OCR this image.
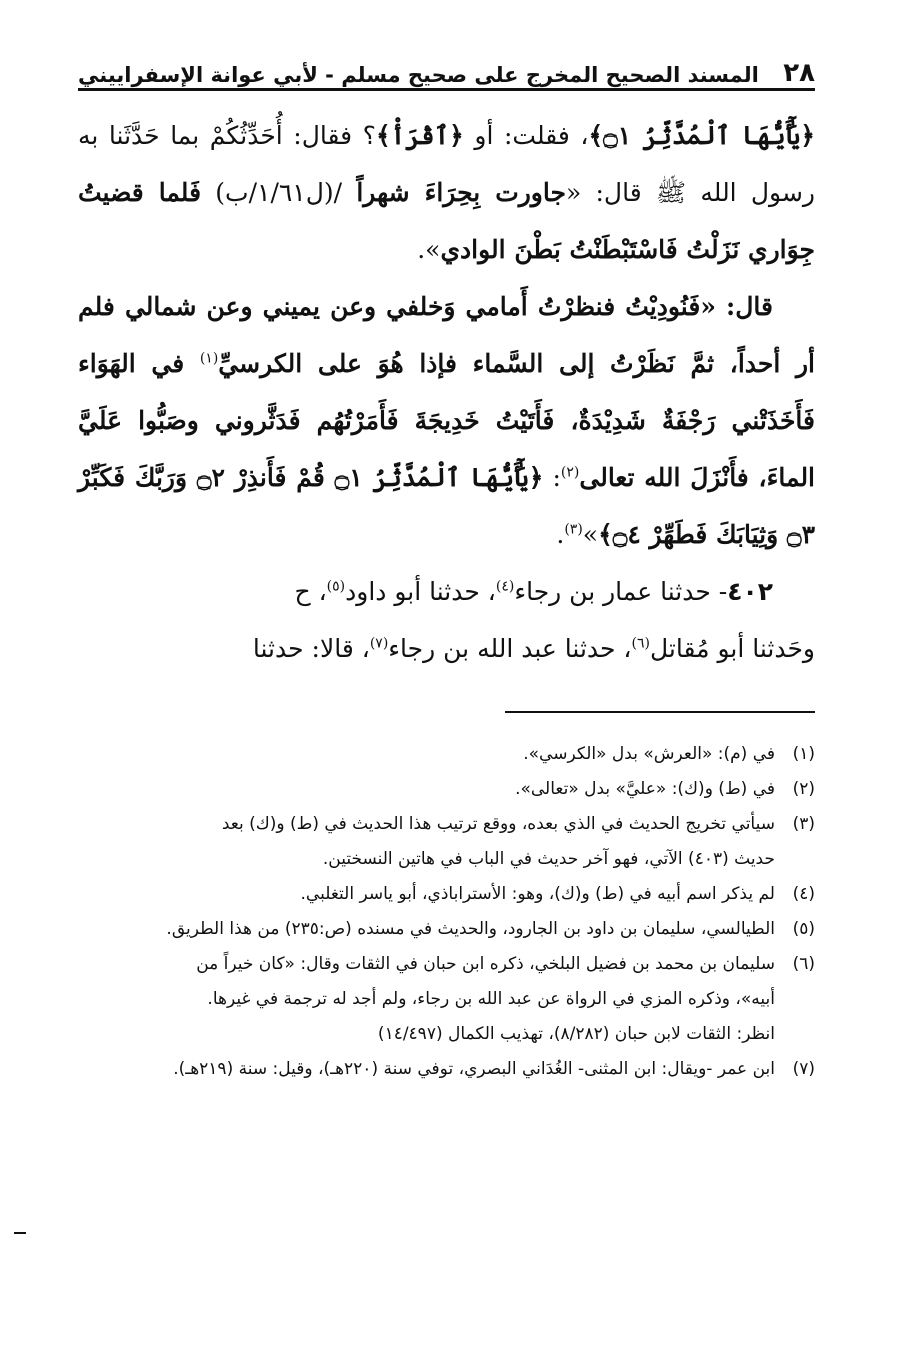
٢٨
المسند الصحيح المخرج على صحيح مسلم - لأبي عوانة الإسفراييني

﴿يَٰٓأَيُّهَا ٱلْمُدَّثِّرُ ۝١﴾، فقلت: أو ﴿ٱقْرَأْ﴾؟ فقال: أُحَدِّثُكُمْ بما حَدَّثَنا به رسول الله ﷺ قال: «جاورت بِحِرَاءَ شهراً /(ل١/٦١/ب) فَلما قضيتُ جِوَاري نَزَلْتُ فَاسْتَبْطَنْتُ بَطْنَ الوادي».

قال: «فَنُودِيْتُ فنظرْتُ أَمامي وَخلفي وعن يميني وعن شمالي فلم أر أحداً، ثمَّ نَظَرْتُ إلى السَّماء فإذا هُوَ على الكرسيِّ$^{(١)}$ في الهَوَاء فَأَخَذَتْني رَجْفَةٌ شَدِيْدَةٌ، فَأَتَيْتُ خَدِيجَةَ فَأَمَرْتُهُم فَدَثَّروني وصَبُّوا عَلَيَّ الماءَ، فأَنْزَلَ الله تعالى$^{(٢)}$: ﴿يَٰٓأَيُّهَا ٱلْمُدَّثِّرُ ۝١ قُمْ فَأَنذِرْ ۝٢ وَرَبَّكَ فَكَبِّرْ ۝٣ وَثِيَابَكَ فَطَهِّرْ ۝٤﴾»$^{(٣)}$.

٤٠٢- حدثنا عمار بن رجاء$^{(٤)}$، حدثنا أبو داود$^{(٥)}$، ح

وحَدثنا أبو مُقاتل$^{(٦)}$، حدثنا عبد الله بن رجاء$^{(٧)}$، قالا: حدثنا

(١)
في (م): «العرش» بدل «الكرسي».
(٢)
في (ط) و(ك): «عليَّ» بدل «تعالى».
(٣)
سيأتي تخريج الحديث في الذي بعده، ووقع ترتيب هذا الحديث في (ط) و(ك) بعد

حديث (٤٠٣) الآتي، فهو آخر حديث في الباب في هاتين النسختين.

(٤)
لم يذكر اسم أبيه في (ط) و(ك)، وهو: الأستراباذي، أبو ياسر التغلبي.
(٥)
الطيالسي، سليمان بن داود بن الجارود، والحديث في مسنده (ص:٢٣٥) من هذا الطريق.
(٦)
سليمان بن محمد بن فضيل البلخي، ذكره ابن حبان في الثقات وقال: «كان خيراً من

أبيه»، وذكره المزي في الرواة عن عبد الله بن رجاء، ولم أجد له ترجمة في غيرها.

انظر: الثقات لابن حبان (٨/٢٨٢)، تهذيب الكمال (١٤/٤٩٧)

(٧)
ابن عمر -ويقال: ابن المثنى- الغُدَاني البصري، توفي سنة (٢٢٠هـ)، وقيل: سنة (٢١٩هـ).
